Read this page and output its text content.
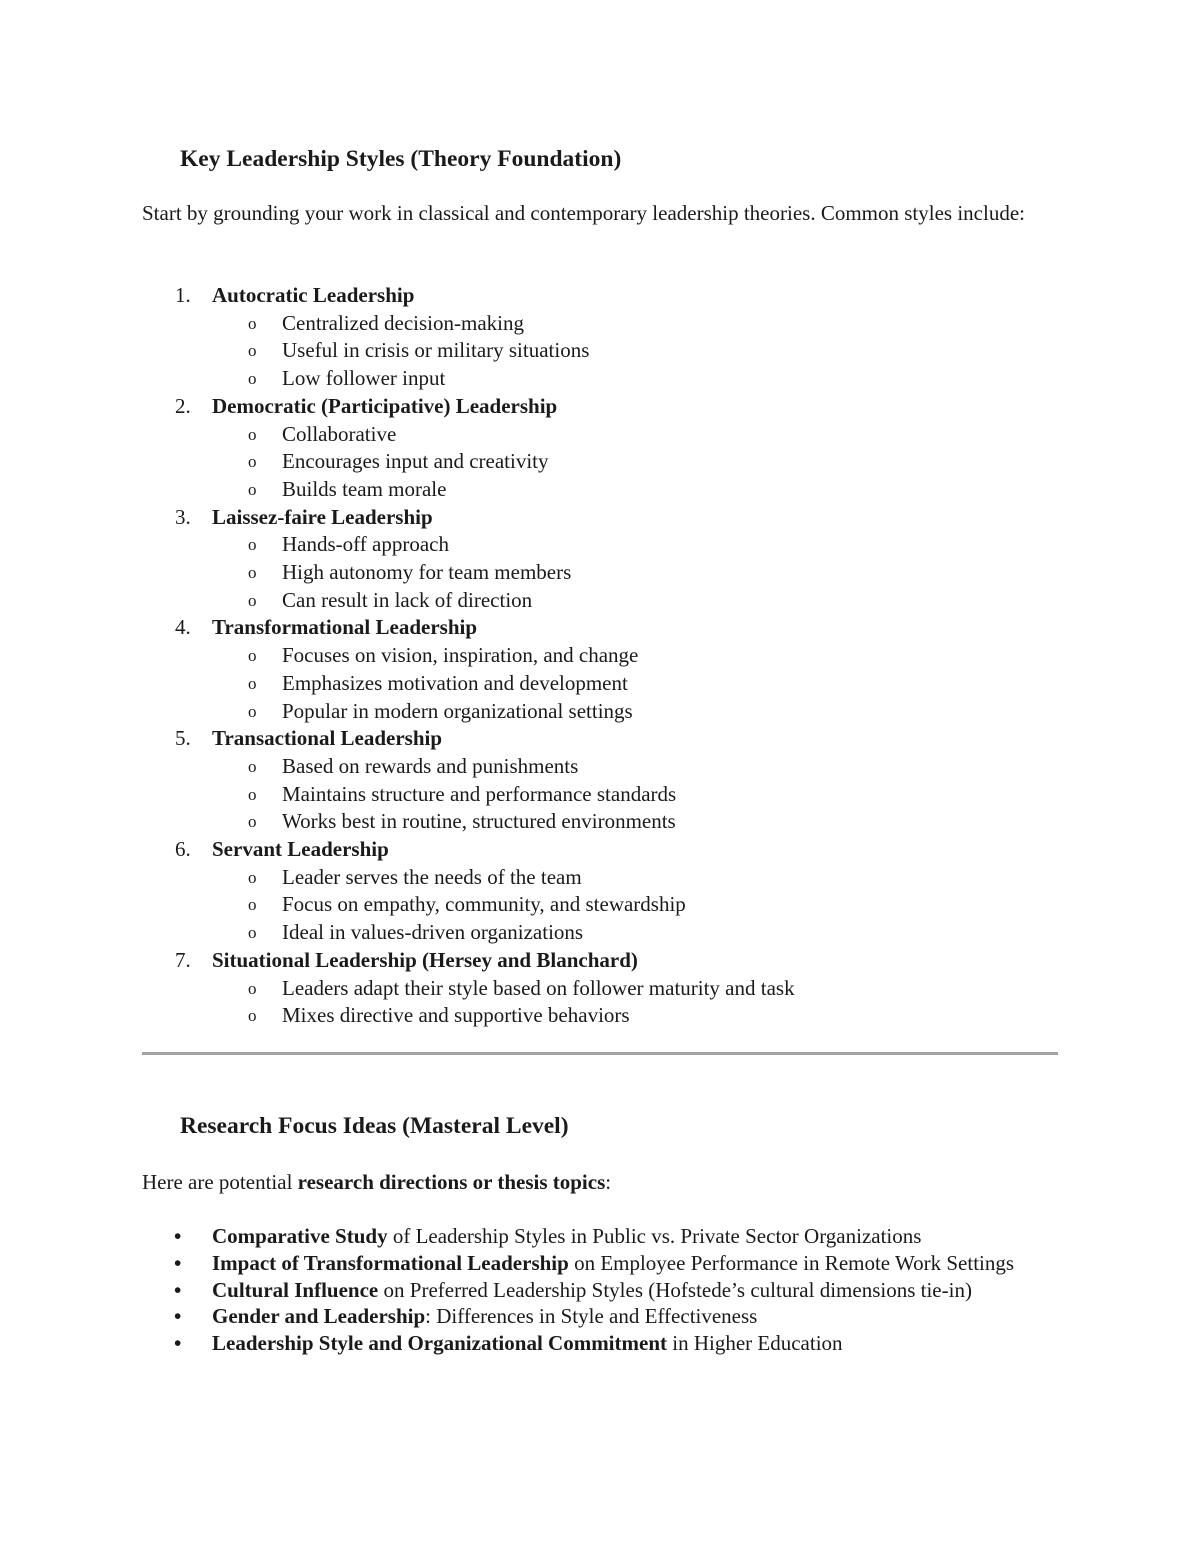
Key Leadership Styles (Theory Foundation)

Start by grounding your work in classical and contemporary leadership theories. Common styles include:

1. Autocratic Leadership
o Centralized decision-making
o Useful in crisis or military situations
o Low follower input
2. Democratic (Participative) Leadership
o Collaborative
o Encourages input and creativity
o Builds team morale
3. Laissez-faire Leadership
o Hands-off approach
o High autonomy for team members
o Can result in lack of direction
4. Transformational Leadership
o Focuses on vision, inspiration, and change
o Emphasizes motivation and development
o Popular in modern organizational settings
5. Transactional Leadership
o Based on rewards and punishments
o Maintains structure and performance standards
o Works best in routine, structured environments
6. Servant Leadership
o Leader serves the needs of the team
o Focus on empathy, community, and stewardship
o Ideal in values-driven organizations
7. Situational Leadership (Hersey and Blanchard)
o Leaders adapt their style based on follower maturity and task
o Mixes directive and supportive behaviors
Research Focus Ideas (Masteral Level)

Here are potential research directions or thesis topics:

• Comparative Study of Leadership Styles in Public vs. Private Sector Organizations
• Impact of Transformational Leadership on Employee Performance in Remote Work Settings
• Cultural Influence on Preferred Leadership Styles (Hofstede’s cultural dimensions tie-in)
• Gender and Leadership: Differences in Style and Effectiveness
• Leadership Style and Organizational Commitment in Higher Education
